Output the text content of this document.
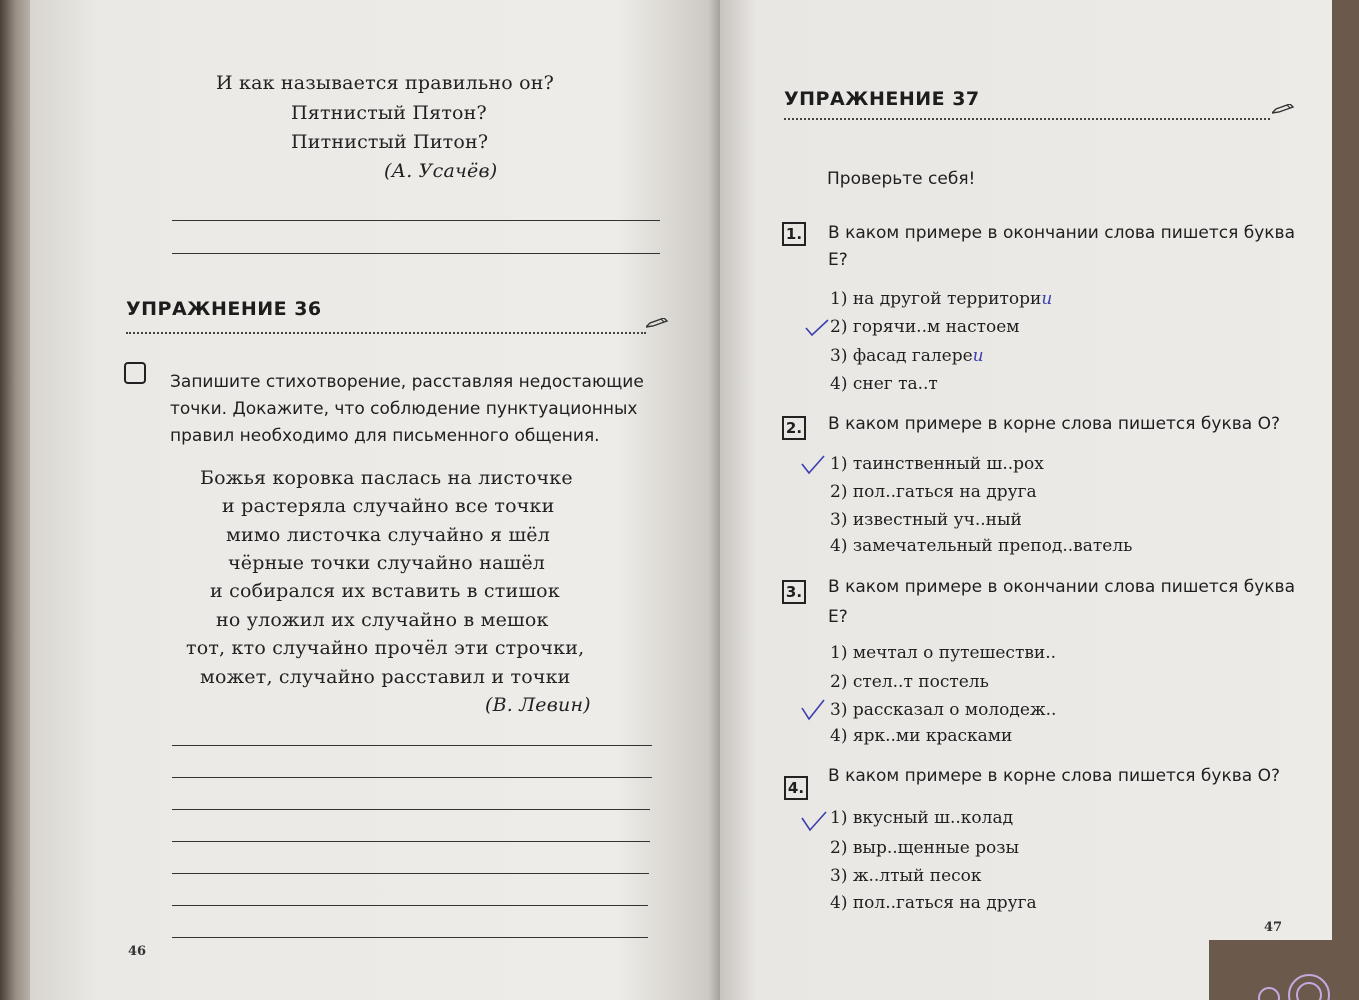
И как называется правильно он?
Пятнистый Пятон?
Питнистый Питон?
(А. Усачёв)
УПРАЖНЕНИЕ 36
Запишите стихотворение, расставляя недостающие точки. Докажите, что соблюдение пунктуационных правил необходимо для письменного общения.
Божья коровка паслась на листочке
и растеряла случайно все точки
мимо листочка случайно я шёл
чёрные точки случайно нашёл
и собирался их вставить в стишок
но уложил их случайно в мешок
тот, кто случайно прочёл эти строчки,
может, случайно расставил и точки
(В. Левин)
46
УПРАЖНЕНИЕ 37
Проверьте себя!
1. В каком примере в окончании слова пишется буква
Е?
1) на другой территории
2) горячи..м настоем
3) фасад галереи
4) снег та..т
2. В каком примере в корне слова пишется буква О?
1) таинственный ш..рох
2) пол..гаться на друга
3) известный уч..ный
4) замечательный препод..ватель
3. В каком примере в окончании слова пишется буква
Е?
1) мечтал о путешестви..
2) стел..т постель
3) рассказал о молодеж..
4) ярк..ми красками
4.
В каком примере в корне слова пишется буква О?
1) вкусный ш..колад
2) выр..щенные розы
3) ж..лтый песок
4) пол..гаться на друга
47
